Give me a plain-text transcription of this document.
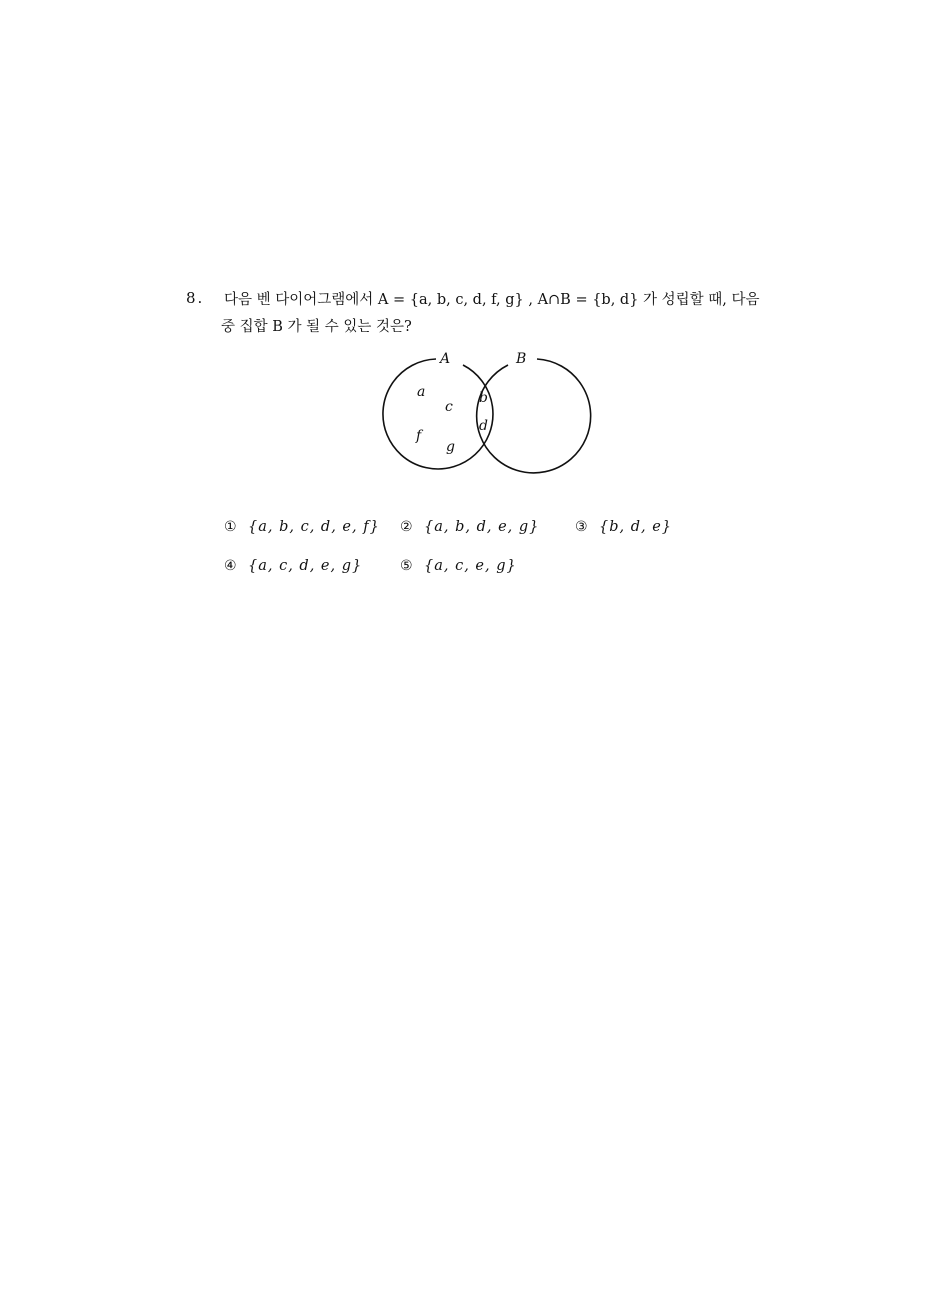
8. 다음 벤 다이어그램에서 A = {a, b, c, d, f, g} , A∩B = {b, d} 가 성립할 때, 다음
중 집합 B 가 될 수 있는 것은?
A	B
a
c
f
g
b
d
① {a, b, c, d, e, f} ② {a, b, d, e, g}	③ {b, d, e}
④ {a, c, d, e, g}	⑤ {a, c, e, g}
